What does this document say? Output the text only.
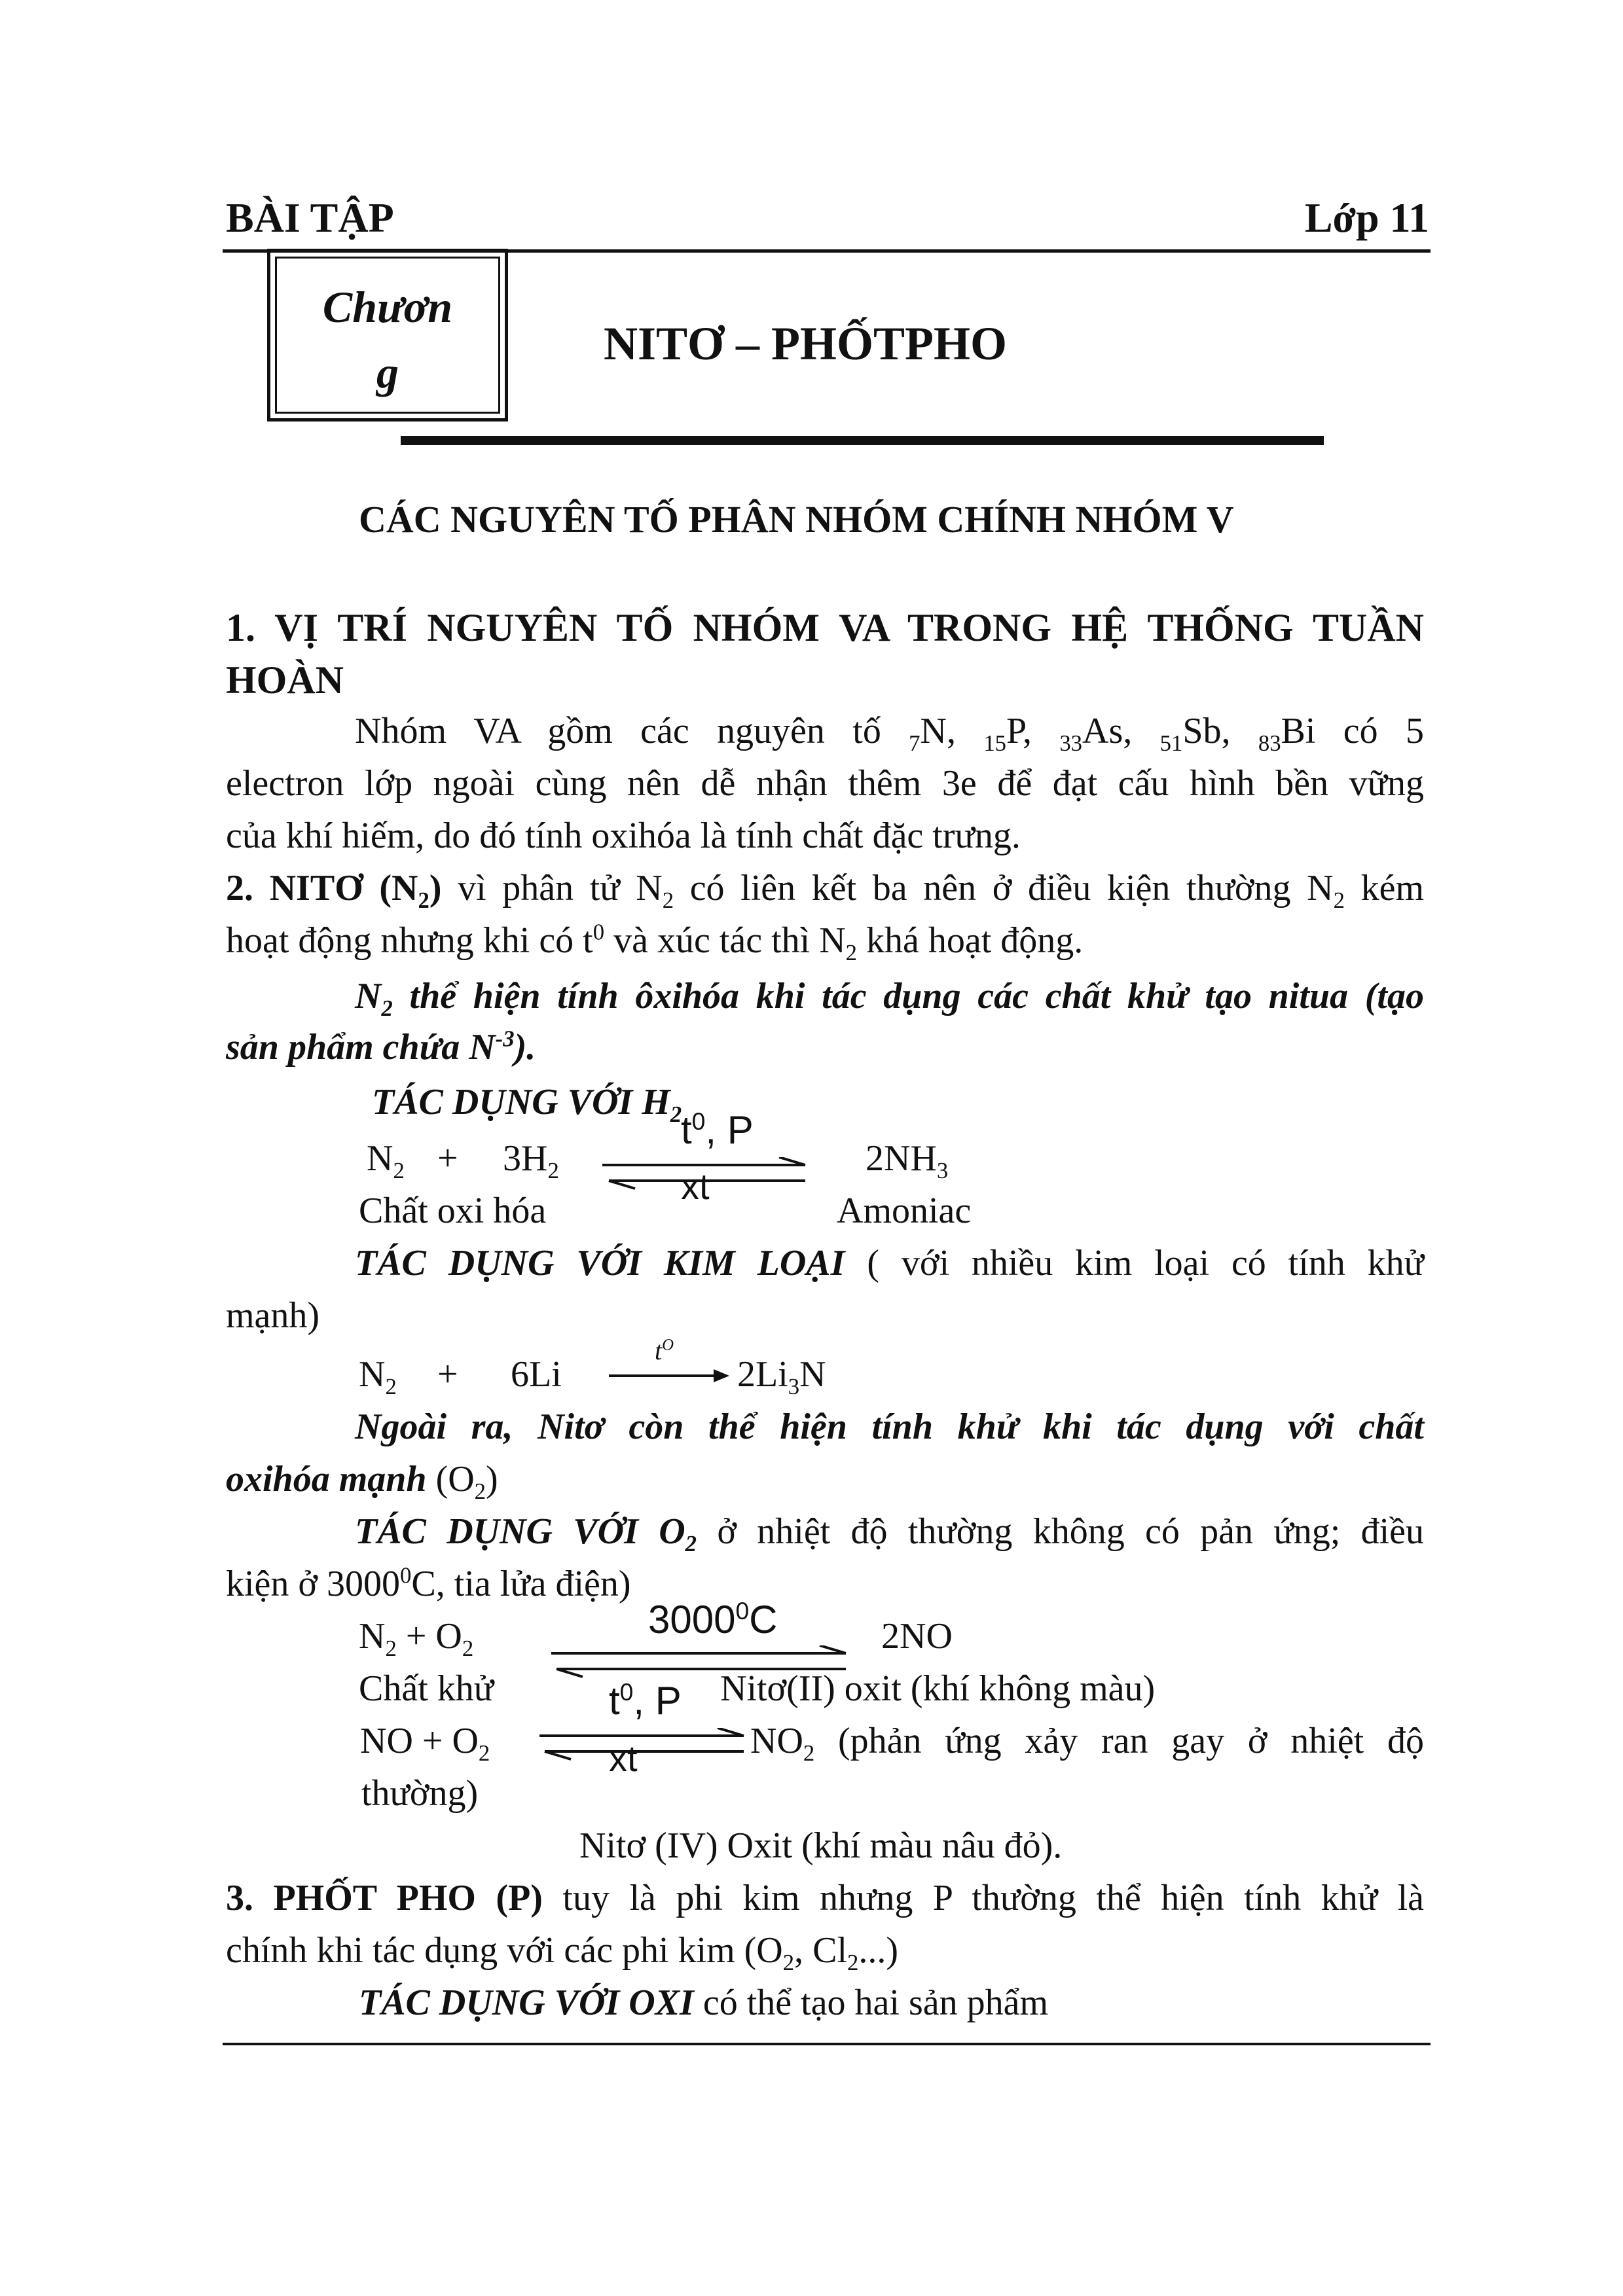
BÀI TẬP	Lớp 11
Chươn
g
NITƠ – PHỐTPHO
CÁC NGUYÊN TỐ PHÂN NHÓM CHÍNH NHÓM V
1. VỊ TRÍ NGUYÊN TỐ NHÓM VA TRONG HỆ THỐNG TUẦN
HOÀN
Nhóm VA gồm các nguyên tố $_7$N, $_{15}$P, $_{33}$As, $_{51}$Sb, $_{83}$Bi có 5
electron lớp ngoài cùng nên dễ nhận thêm 3e để đạt cấu hình bền vững
của khí hiếm, do đó tính oxihóa là tính chất đặc trưng.
2. NITƠ $(N_2)$ vì phân tử $N_2$ có liên kết ba nên ở điều kiện thường $N_2$ kém
hoạt động nhưng khi có $t^0$ và xúc tác thì $N_2$ khá hoạt động.
$N_2$ thể hiện tính ôxihóa khi tác dụng các chất khử tạo nitua (tạo
sản phẩm chứa $N^{-3}$).
TÁC DỤNG VỚI $H_2$
$N_2 + 3H_2$
$t^0$, P
xt
$2NH_3$
Chất oxi hóa	Amoniac
TÁC DỤNG VỚI KIM LOẠI ( với nhiều kim loại có tính khử
mạnh)
$N_2 + 6Li$
$t^O$
$2Li_3N$
Ngoài ra, Nitơ còn thể hiện tính khử khi tác dụng với chất
oxihóa mạnh $(O_2)$
TÁC DỤNG VỚI $O_2$ ở nhiệt độ thường không có pản ứng; điều
kiện ở 3000$^0$C, tia lửa điện)
$N_2 + O_2$
3000$^0$C	2NO
Chất khử	Nitơ(II) oxit (khí không màu)
$t^0$, P
NO + $O_2$	xt	$NO_2$ (phản ứng xảy ran gay ở nhiệt độ
thường)
Nitơ (IV) Oxit (khí màu nâu đỏ).
3. PHỐT PHO (P) tuy là phi kim nhưng P thường thể hiện tính khử là
chính khi tác dụng với các phi kim ($O_2$, $Cl_2$...)
TÁC DỤNG VỚI OXI có thể tạo hai sản phẩm
